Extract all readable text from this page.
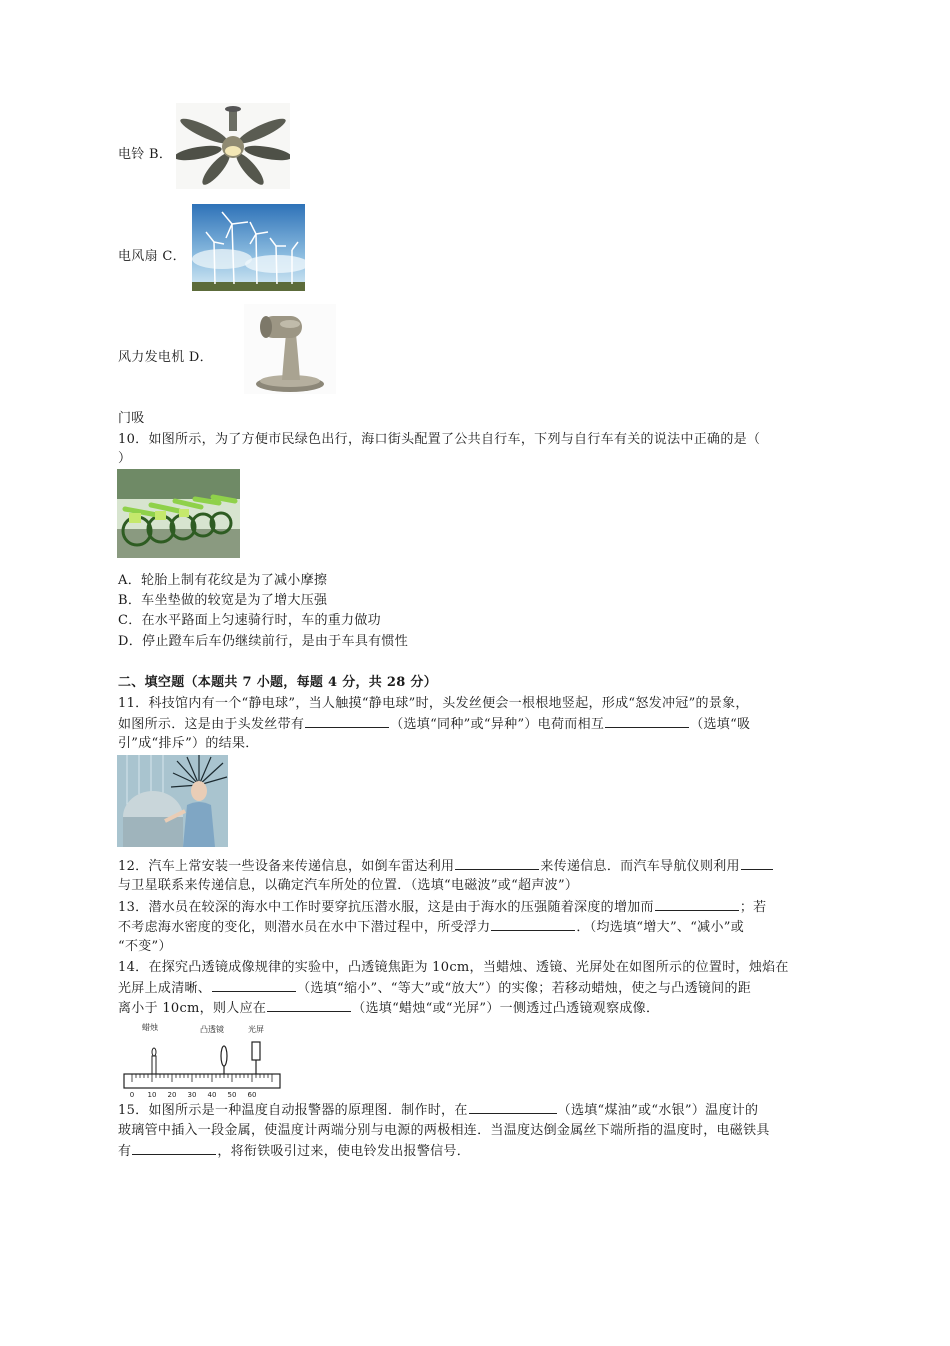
电铃 B．
电风扇 C．
风力发电机 D．
门吸
10．如图所示，为了方便市民绿色出行，海口街头配置了公共自行车，下列与自行车有关的说法中正确的是（
）
A．轮胎上制有花纹是为了减小摩擦
B．车坐垫做的较宽是为了增大压强
C．在水平路面上匀速骑行时，车的重力做功
D．停止蹬车后车仍继续前行，是由于车具有惯性
二、填空题（本题共 7 小题，每题 4 分，共 28 分）
11．科技馆内有一个“静电球”，当人触摸“静电球”时，头发丝便会一根根地竖起，形成“怒发冲冠”的景象，
如图所示．这是由于头发丝带有	（选填“同种”或“异种”）电荷而相互	（选填“吸
引”成“排斥”）的结果．
12．汽车上常安装一些设备来传递信息，如倒车雷达利用	来传递信息．而汽车导航仪则利用
与卫星联系来传递信息，以确定汽车所处的位置．（选填“电磁波”或“超声波”）
13．潜水员在较深的海水中工作时要穿抗压潜水服，这是由于海水的压强随着深度的增加而	；若
不考虑海水密度的变化，则潜水员在水中下潜过程中，所受浮力	．（均选填“增大”、“减小”或
“不变”）
14．在探究凸透镜成像规律的实验中，凸透镜焦距为 10cm，当蜡烛、透镜、光屏处在如图所示的位置时，烛焰在
光屏上成清晰、	（选填“缩小”、“等大”或“放大”）的实像；若移动蜡烛，使之与凸透镜间的距
离小于 10cm，则人应在	（选填“蜡烛“或“光屏”）一侧透过凸透镜观察成像．
蜡烛	凸透镜	光屏
0 10 20 30 40 50 60
15．如图所示是一种温度自动报警器的原理图．制作时，在	（选填“煤油”或“水银”）温度计的
玻璃管中插入一段金属，使温度计两端分别与电源的两极相连．当温度达倒金属丝下端所指的温度时，电磁铁具
有	，将衔铁吸引过来，使电铃发出报警信号．
